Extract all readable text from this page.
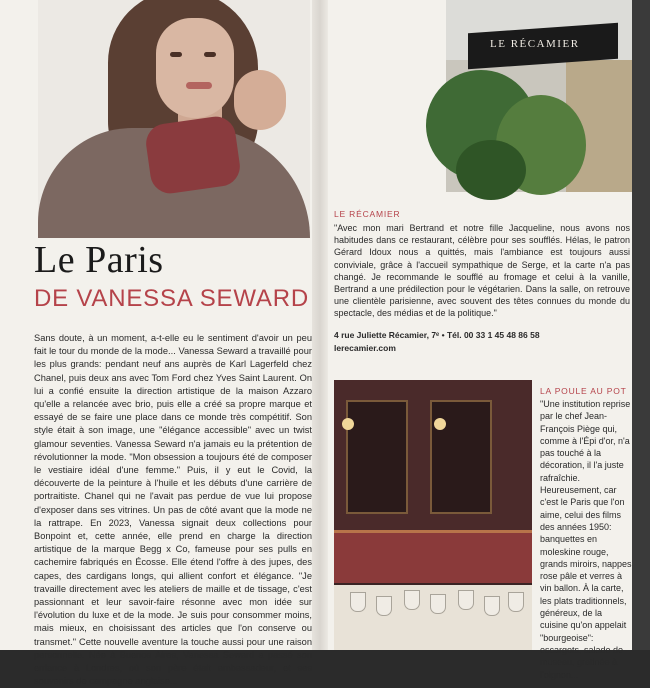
Le Paris
DE VANESSA SEWARD
Sans doute, à un moment, a-t-elle eu le sentiment d'avoir un peu fait le tour du monde de la mode... Vanessa Seward a travaillé pour les plus grands: pendant neuf ans auprès de Karl Lagerfeld chez Chanel, puis deux ans avec Tom Ford chez Yves Saint Laurent. On lui a confié ensuite la direction artistique de la maison Azzaro qu'elle a relancée avec brio, puis elle a créé sa propre marque et essayé de se faire une place dans ce monde très compétitif. Son style était à son image, une "élégance accessible" avec un twist glamour seventies. Vanessa Seward n'a jamais eu la prétention de révolutionner la mode. "Mon obsession a toujours été de composer le vestiaire idéal d'une femme." Puis, il y eut le Covid, la découverte de la peinture à l'huile et les débuts d'une carrière de portraitiste. Chanel qui ne l'avait pas perdue de vue lui propose d'exposer dans ses vitrines. Un pas de côté avant que la mode ne la rattrape. En 2023, Vanessa signait deux collections pour Bonpoint et, cette année, elle prend en charge la direction artistique de la marque Begg x Co, fameuse pour ses pulls en cachemire fabriqués en Écosse. Elle étend l'offre à des jupes, des capes, des cardigans longs, qui allient confort et élégance. "Je travaille directement avec les ateliers de maille et de tissage, c'est passionnant et leur savoir-faire résonne avec mon idée sur l'évolution du luxe et de la mode. Je suis pour consommer moins, mais mieux, en choisissant des articles que l'on conserve ou transmet." Cette nouvelle aventure la touche aussi pour une raison personnelle. Née à Buenos Aires, Vanessa Seward a passé son enfance à Londres, où son père était ambassadeur, et ses souvenirs de campagne anglaise...
LE RÉCAMIER
LE RÉCAMIER
"Avec mon mari Bertrand et notre fille Jacqueline, nous avons nos habitudes dans ce restaurant, célèbre pour ses soufflés. Hélas, le patron Gérard Idoux nous a quittés, mais l'ambiance est toujours aussi conviviale, grâce à l'accueil sympathique de Serge, et la carte n'a pas changé. Je recommande le soufflé au fromage et celui à la vanille, Bertrand a une prédilection pour le végétarien. Dans la salle, on retrouve une clientèle parisienne, avec souvent des têtes connues du monde du spectacle, des médias et de la politique."
4 rue Juliette Récamier, 7ᵉ • Tél. 00 33 1 45 48 86 58
lerecamier.com
LA POULE AU POT
"Une institution reprise par le chef Jean-François Piège qui, comme à l'Épi d'or, n'a pas touché à la décoration, il l'a juste rafraîchie. Heureusement, car c'est le Paris que l'on aime, celui des films des années 1950: banquettes en moleskine rouge, grands miroirs, nappes rose pâle et verres à vin ballon. À la carte, les plats traditionnels, généreux, de la cuisine qu'on appelait "bourgeoise": escargots, salade de museau, gratinée à l'oignon...
